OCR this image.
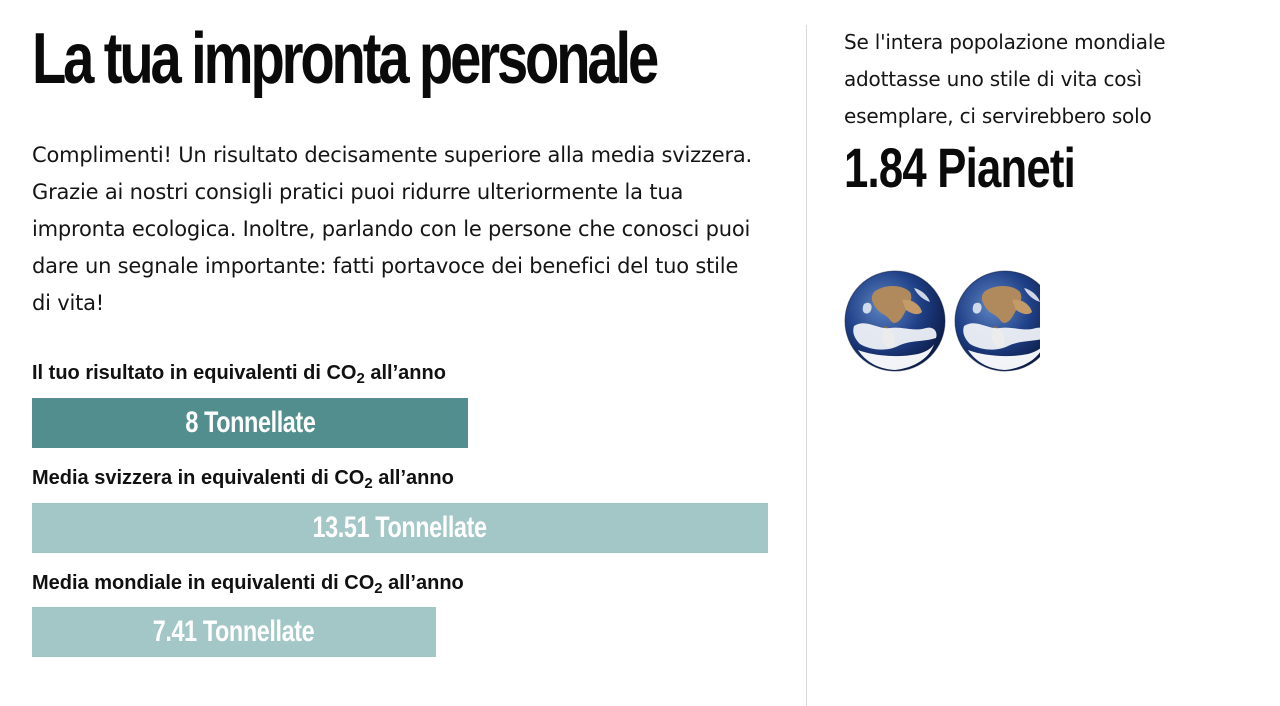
La tua impronta personale
Complimenti! Un risultato decisamente superiore alla media svizzera. Grazie ai nostri consigli pratici puoi ridurre ulteriormente la tua impronta ecologica. Inoltre, parlando con le persone che conosci puoi dare un segnale importante: fatti portavoce dei benefici del tuo stile di vita!
Il tuo risultato in equivalenti di $CO_2$ all’anno
8 Tonnellate
Media svizzera in equivalenti di $CO_2$ all’anno
13.51 Tonnellate
Media mondiale in equivalenti di $CO_2$ all’anno
7.41 Tonnellate
Se l'intera popolazione mondiale adottasse uno stile di vita così esemplare, ci servirebbero solo
1.84 Pianeti
